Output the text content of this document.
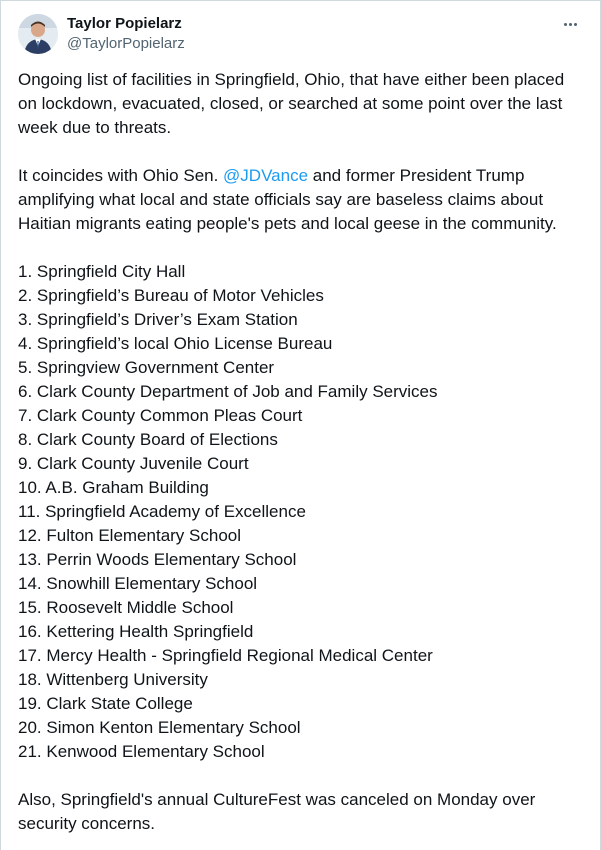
Taylor Popielarz
@TaylorPopielarz

Ongoing list of facilities in Springfield, Ohio, that have either been placed on lockdown, evacuated, closed, or searched at some point over the last week due to threats.

It coincides with Ohio Sen. @JDVance and former President Trump amplifying what local and state officials say are baseless claims about Haitian migrants eating people's pets and local geese in the community.

1. Springfield City Hall
2. Springfield’s Bureau of Motor Vehicles
3. Springfield’s Driver’s Exam Station
4. Springfield’s local Ohio License Bureau
5. Springview Government Center
6. Clark County Department of Job and Family Services
7. Clark County Common Pleas Court
8. Clark County Board of Elections
9. Clark County Juvenile Court
10. A.B. Graham Building
11. Springfield Academy of Excellence
12. Fulton Elementary School
13. Perrin Woods Elementary School
14. Snowhill Elementary School
15. Roosevelt Middle School
16. Kettering Health Springfield
17. Mercy Health - Springfield Regional Medical Center
18. Wittenberg University
19. Clark State College
20. Simon Kenton Elementary School
21. Kenwood Elementary School

Also, Springfield's annual CultureFest was canceled on Monday over security concerns.
